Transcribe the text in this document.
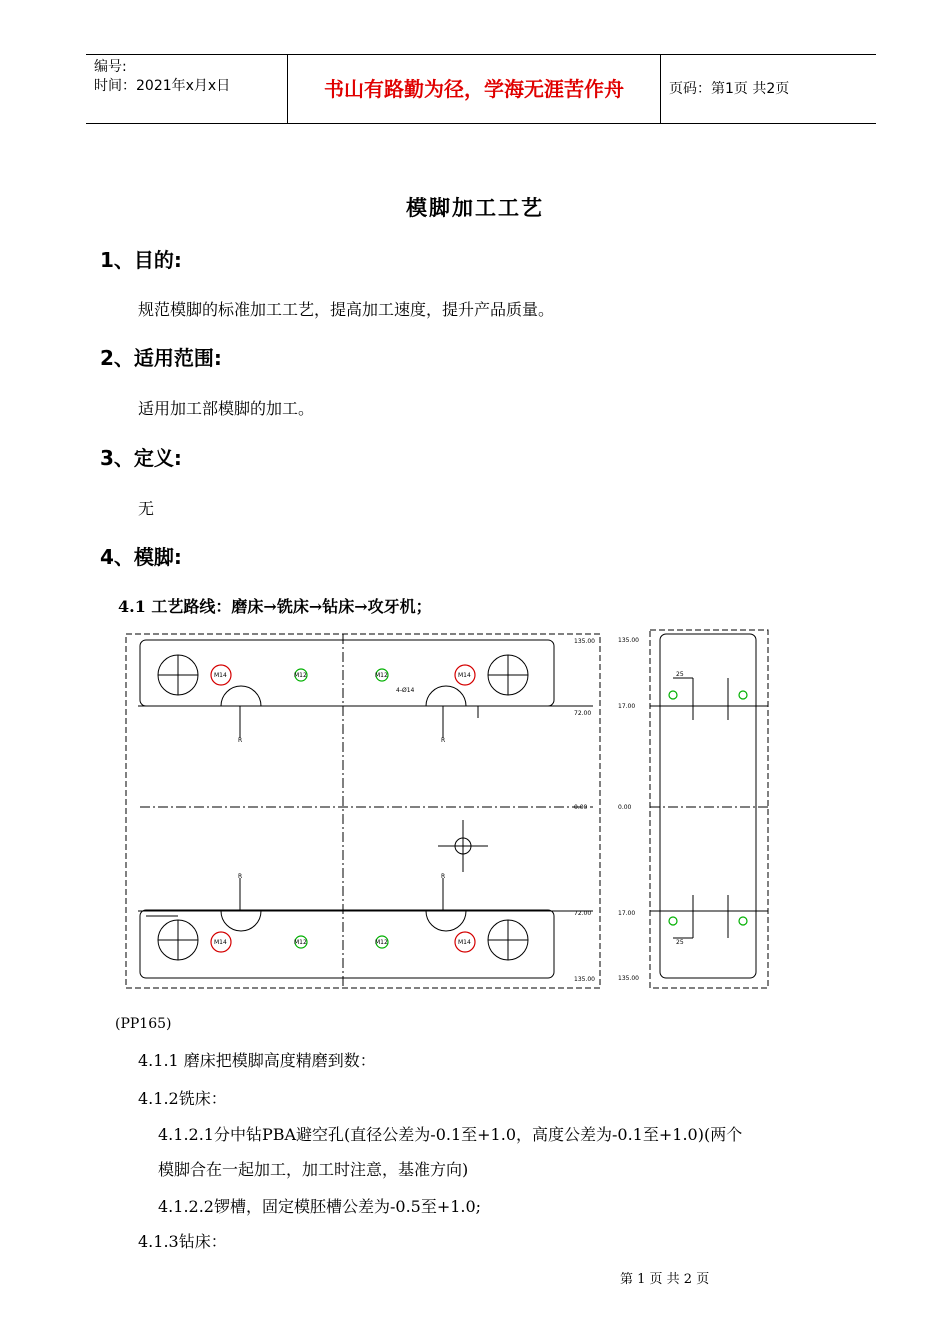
编号:
时间：2021年x月x日	书山有路勤为径，学海无涯苦作舟	页码：第1页 共2页
模脚加工工艺
1、目的:
规范模脚的标准加工工艺，提高加工速度，提升产品质量。
2、适用范围:
适用加工部模脚的加工。
3、定义:
无
4、模脚:
4.1 工艺路线：磨床→铣床→钻床→攻牙机；
M14	M14
M12	M12
M14	M14
M12	M12
4-Ø14
R	R
R	R
135.00
72.00
0.00
72.00
135.00
135.00
17.00
0.00
17.00
135.00
25
25
(PP165)
4.1.1 磨床把模脚高度精磨到数：
4.1.2铣床：
4.1.2.1分中钻PBA避空孔(直径公差为-0.1至+1.0，高度公差为-0.1至+1.0)(两个
模脚合在一起加工，加工时注意，基准方向)
4.1.2.2锣槽，固定模胚槽公差为-0.5至+1.0;
4.1.3钻床：
第 1 页 共 2 页
